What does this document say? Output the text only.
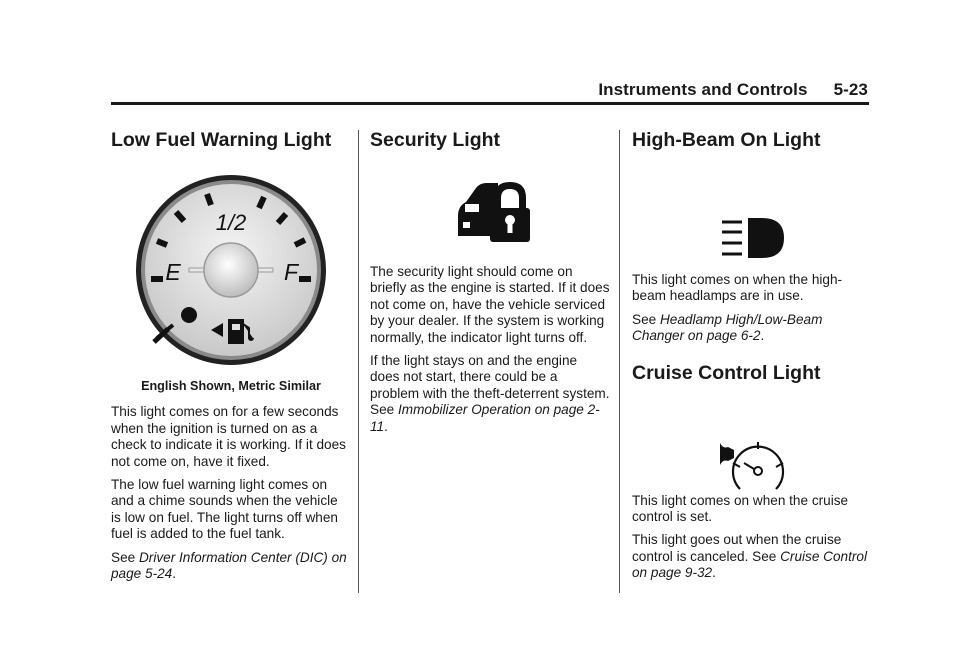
Instruments and Controls 5-23
Low Fuel Warning Light
1/2
E	F
English Shown, Metric Similar

This light comes on for a few seconds when the ignition is turned on as a check to indicate it is working. If it does not come on, have it fixed.

The low fuel warning light comes on and a chime sounds when the vehicle is low on fuel. The light turns off when fuel is added to the fuel tank.

See Driver Information Center (DIC) on page 5-24.

Security Light

The security light should come on briefly as the engine is started. If it does not come on, have the vehicle serviced by your dealer. If the system is working normally, the indicator light turns off.

If the light stays on and the engine does not start, there could be a problem with the theft-deterrent system. See Immobilizer Operation on page 2-11.

High-Beam On Light

This light comes on when the high-beam headlamps are in use.

See Headlamp High/Low-Beam Changer on page 6-2.

Cruise Control Light

This light comes on when the cruise control is set.

This light goes out when the cruise control is canceled. See Cruise Control on page 9-32.
